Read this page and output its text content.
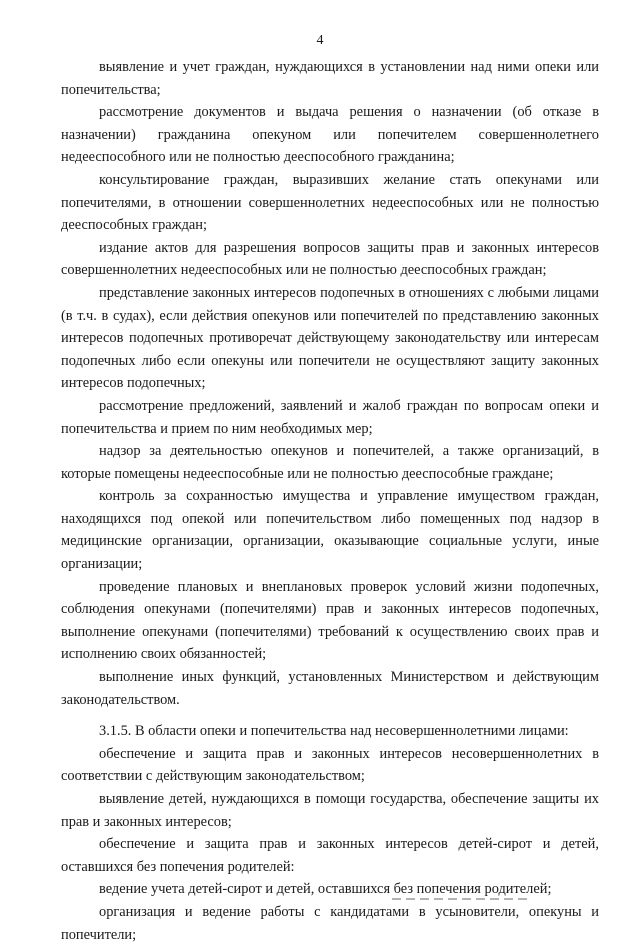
4

выявление и учет граждан, нуждающихся в установлении над ними опеки или попечительства;

рассмотрение документов и выдача решения о назначении (об отказе в назначении) гражданина опекуном или попечителем совершеннолетнего недееспособного или не полностью дееспособного гражданина;

консультирование граждан, выразивших желание стать опекунами или попечителями, в отношении совершеннолетних недееспособных или не полностью дееспособных граждан;

издание актов для разрешения вопросов защиты прав и законных интересов совершеннолетних недееспособных или не полностью дееспособных граждан;

представление законных интересов подопечных в отношениях с любыми лицами (в т.ч. в судах), если действия опекунов или попечителей по представлению законных интересов подопечных противоречат действующему законодательству или интересам подопечных либо если опекуны или попечители не осуществляют защиту законных интересов подопечных;

рассмотрение предложений, заявлений и жалоб граждан по вопросам опеки и попечительства и прием по ним необходимых мер;

надзор за деятельностью опекунов и попечителей, а также организаций, в которые помещены недееспособные или не полностью дееспособные граждане;

контроль за сохранностью имущества и управление имуществом граждан, находящихся под опекой или попечительством либо помещенных под надзор в медицинские организации, организации, оказывающие социальные услуги, иные организации;

проведение плановых и внеплановых проверок условий жизни подопечных, соблюдения опекунами (попечителями) прав и законных интересов подопечных, выполнение опекунами (попечителями) требований к осуществлению своих прав и исполнению своих обязанностей;

выполнение иных функций, установленных Министерством и действующим законодательством.

3.1.5. В области опеки и попечительства над несовершеннолетними лицами:

обеспечение и защита прав и законных интересов несовершеннолетних в соответствии с действующим законодательством;

выявление детей, нуждающихся в помощи государства, обеспечение защиты их прав и законных интересов;

обеспечение и защита прав и законных интересов детей-сирот и детей, оставшихся без попечения родителей:

ведение учета детей-сирот и детей, оставшихся без попечения родителей;

организация и ведение работы с кандидатами в усыновители, опекуны и попечители;
